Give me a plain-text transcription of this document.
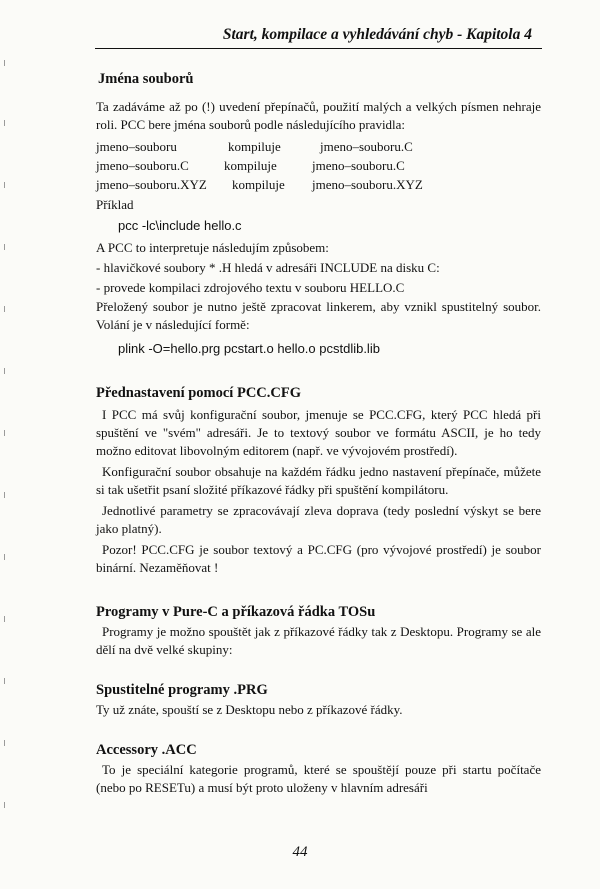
Start, kompilace a vyhledávání chyb - Kapitola 4
Jména souborů

Ta zadáváme až po (!) uvedení přepínačů, použití malých a velkých písmen nehraje roli. PCC bere jména souborů podle následujícího pravidla:

jmeno–souboru	kompiluje	jmeno–souboru.C
jmeno–souboru.C	kompiluje	jmeno–souboru.C
jmeno–souboru.XYZ	kompiluje	jmeno–souboru.XYZ

Příklad

pcc -lc\include hello.c

A PCC to interpretuje následujím způsobem:

- hlavičkové soubory * .H hledá v adresáři INCLUDE na disku C:

- provede kompilaci zdrojového textu v souboru HELLO.C

Přeložený soubor je nutno ještě zpracovat linkerem, aby vznikl spustitelný soubor. Volání je v následující formě:

plink -O=hello.prg pcstart.o hello.o pcstdlib.lib

Přednastavení pomocí PCC.CFG

I PCC má svůj konfigurační soubor, jmenuje se PCC.CFG, který PCC hledá při spuštění ve "svém" adresáři. Je to textový soubor ve formátu ASCII, je ho tedy možno editovat libovolným editorem (např. ve vývojovém prostředí).

Konfigurační soubor obsahuje na každém řádku jedno nastavení přepínače, můžete si tak ušetřit psaní složité příkazové řádky při spuštění kompilátoru.

Jednotlivé parametry se zpracovávají zleva doprava (tedy poslední výskyt se bere jako platný).

Pozor! PCC.CFG je soubor textový a PC.CFG (pro vývojové prostředí) je soubor binární. Nezaměňovat !

Programy v Pure-C a příkazová řádka TOSu

Programy je možno spouštět jak z příkazové řádky tak z Desktopu. Programy se ale dělí na dvě velké skupiny:

Spustitelné programy .PRG

Ty už znáte, spouští se z Desktopu nebo z příkazové řádky.

Accessory .ACC

To je speciální kategorie programů, které se spouštějí pouze při startu počítače (nebo po RESETu) a musí být proto uloženy v hlavním adresáři

44
